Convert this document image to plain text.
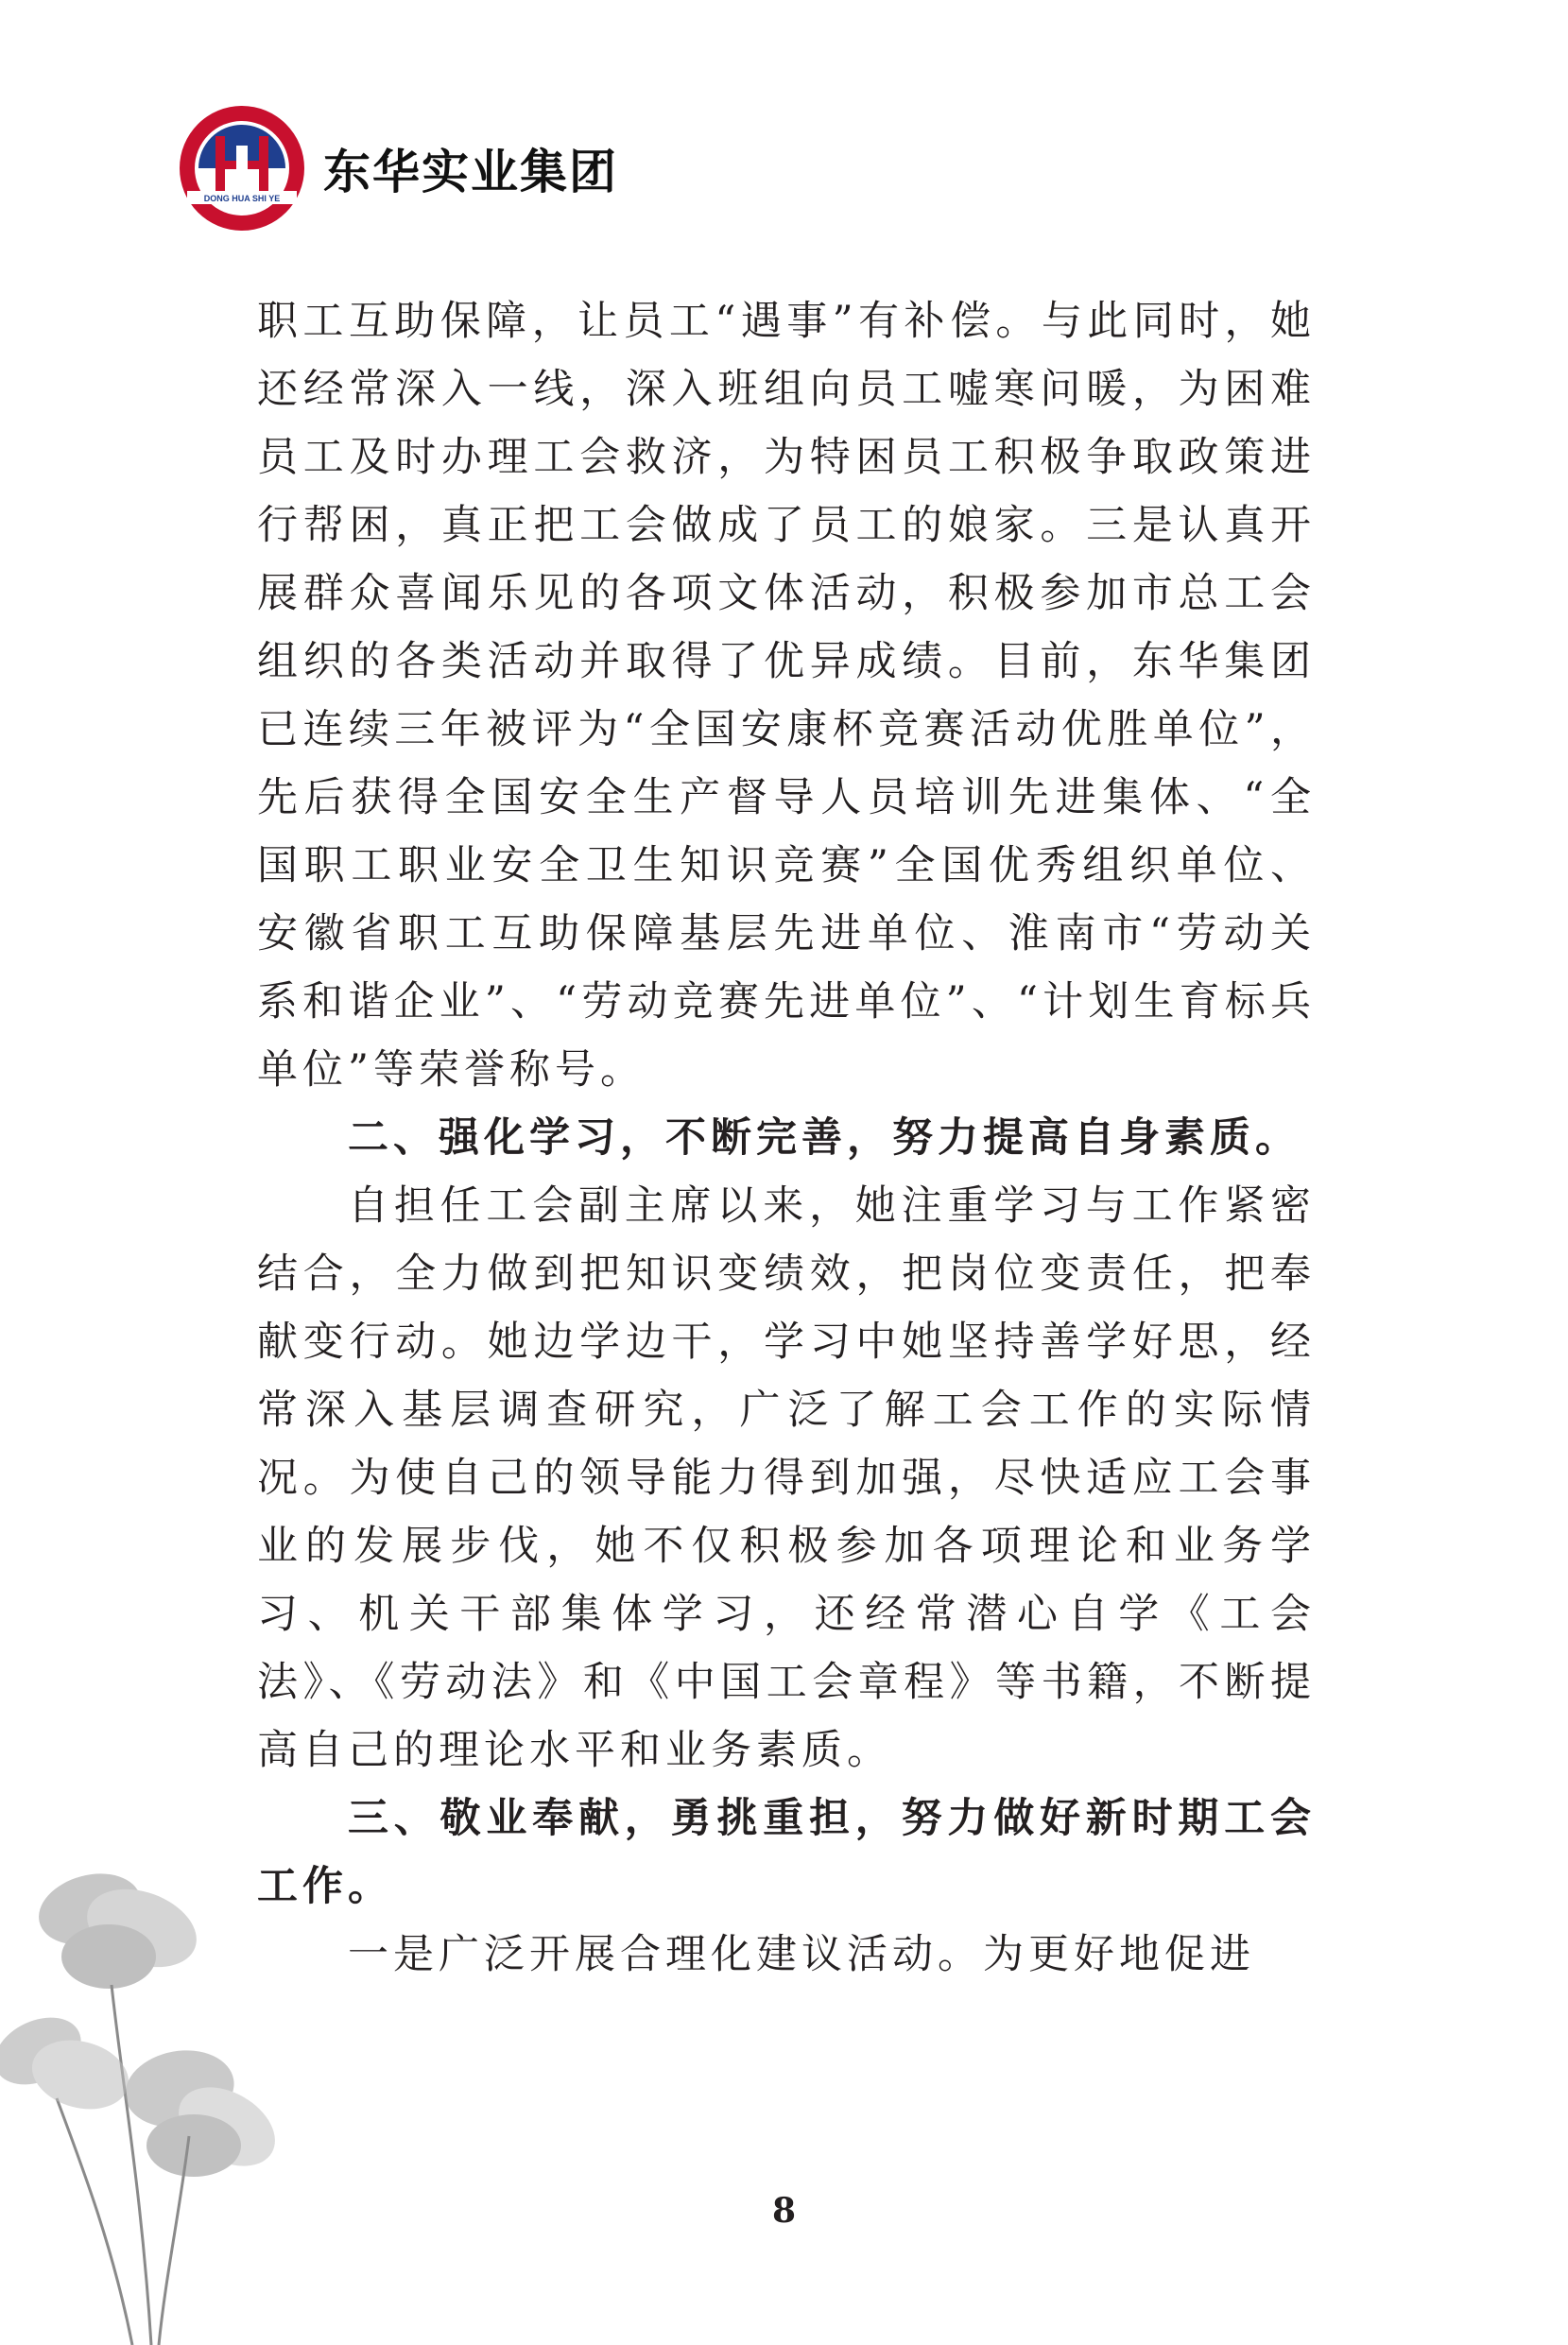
DONG HUA SHI YE 东华实业集团

职工互助保障，让员工“遇事”有补偿。与此同时，她还经常深入一线，深入班组向员工嘘寒问暖，为困难员工及时办理工会救济，为特困员工积极争取政策进行帮困，真正把工会做成了员工的娘家。三是认真开展群众喜闻乐见的各项文体活动，积极参加市总工会组织的各类活动并取得了优异成绩。目前，东华集团已连续三年被评为“全国安康杯竞赛活动优胜单位”，先后获得全国安全生产督导人员培训先进集体、“全国职工职业安全卫生知识竞赛”全国优秀组织单位、安徽省职工互助保障基层先进单位、淮南市“劳动关系和谐企业”、“劳动竞赛先进单位”、“计划生育标兵单位”等荣誉称号。

二、强化学习，不断完善，努力提高自身素质。

自担任工会副主席以来，她注重学习与工作紧密结合，全力做到把知识变绩效，把岗位变责任，把奉献变行动。她边学边干，学习中她坚持善学好思，经常深入基层调查研究，广泛了解工会工作的实际情况。为使自己的领导能力得到加强，尽快适应工会事业的发展步伐，她不仅积极参加各项理论和业务学习、机关干部集体学习，还经常潜心自学《工会法》、《劳动法》和《中国工会章程》等书籍，不断提高自己的理论水平和业务素质。

三、敬业奉献，勇挑重担，努力做好新时期工会工作。

一是广泛开展合理化建议活动。为更好地促进

8
